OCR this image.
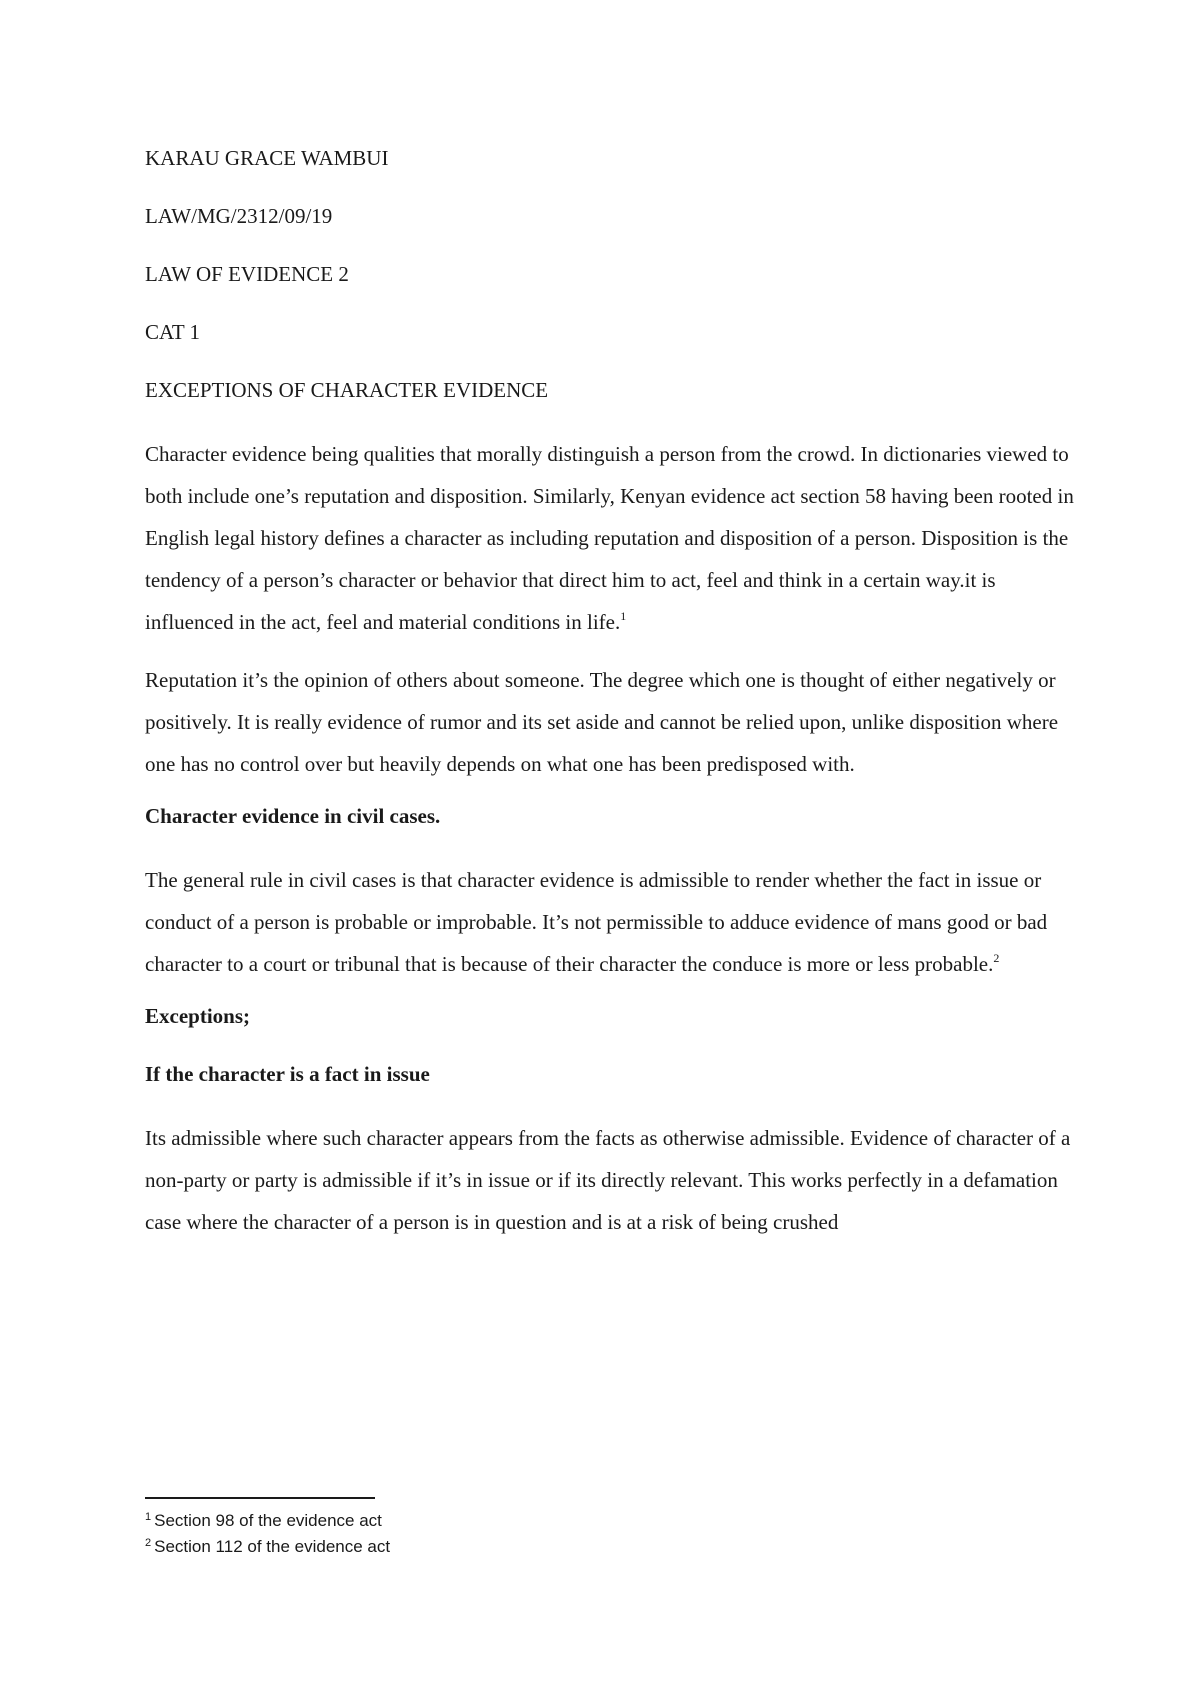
KARAU GRACE WAMBUI

LAW/MG/2312/09/19

LAW OF EVIDENCE 2

CAT 1

EXCEPTIONS OF CHARACTER EVIDENCE

Character evidence being qualities that morally distinguish a person from the crowd. In dictionaries viewed to both include one’s reputation and disposition. Similarly, Kenyan evidence act section 58 having been rooted in English legal history defines a character as including reputation and disposition of a person. Disposition is the tendency of a person’s character or behavior that direct him to act, feel and think in a certain way.it is influenced in the act, feel and material conditions in life.$^1$

Reputation it’s the opinion of others about someone. The degree which one is thought of either negatively or positively. It is really evidence of rumor and its set aside and cannot be relied upon, unlike disposition where one has no control over but heavily depends on what one has been predisposed with.

Character evidence in civil cases.

The general rule in civil cases is that character evidence is admissible to render whether the fact in issue or conduct of a person is probable or improbable. It’s not permissible to adduce evidence of mans good or bad character to a court or tribunal that is because of their character the conduce is more or less probable.$^2$

Exceptions;
If the character is a fact in issue

Its admissible where such character appears from the facts as otherwise admissible. Evidence of character of a non-party or party is admissible if it’s in issue or if its directly relevant. This works perfectly in a defamation case where the character of a person is in question and is at a risk of being crushed

$^1$ Section 98 of the evidence act
$^2$ Section 112 of the evidence act
